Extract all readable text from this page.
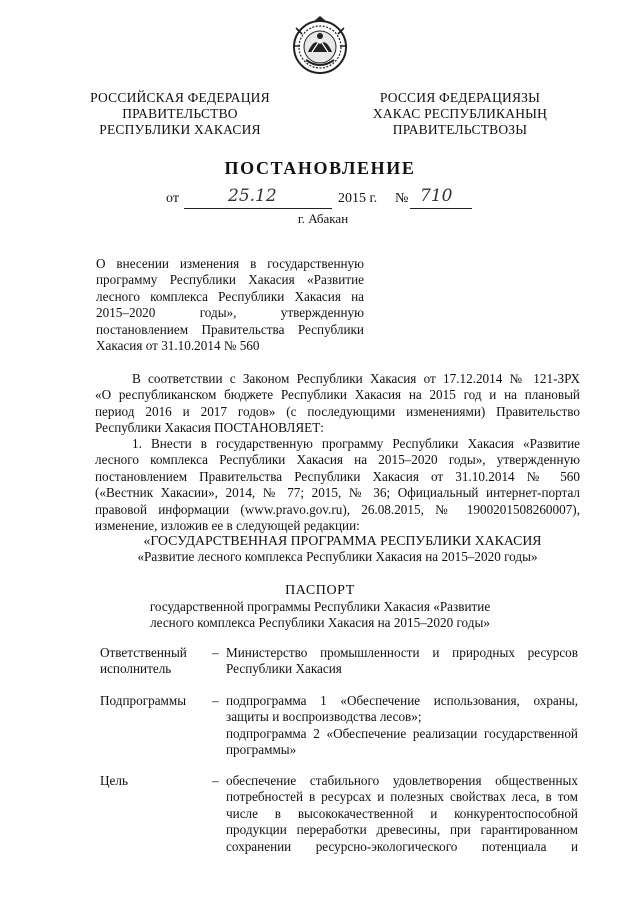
РОССИЙСКАЯ ФЕДЕРАЦИЯ
ПРАВИТЕЛЬСТВО
РЕСПУБЛИКИ ХАКАСИЯ
РОССИЯ ФЕДЕРАЦИЯЗЫ
ХАКАС РЕСПУБЛИКАНЫҢ
ПРАВИТЕЛЬСТВОЗЫ
ПОСТАНОВЛЕНИЕ
от	25.12	2015 г. № 710
г. Абакан
О внесении изменения в государственную
программу Республики Хакасия «Развитие
лесного комплекса Республики Хакасия на
2015–2020 годы», утвержденную
постановлением Правительства Республики
Хакасия от 31.10.2014 № 560
В соответствии с Законом Республики Хакасия от 17.12.2014 № 121-ЗРХ
«О республиканском бюджете Республики Хакасия на 2015 год и на плановый
период 2016 и 2017 годов» (с последующими изменениями) Правительство
Республики Хакасия ПОСТАНОВЛЯЕТ:
1. Внести в государственную программу Республики Хакасия «Развитие
лесного комплекса Республики Хакасия на 2015–2020 годы», утвержденную
постановлением Правительства Республики Хакасия от 31.10.2014 № 560
(«Вестник Хакасии», 2014, № 77; 2015, № 36; Официальный интернет-портал
правовой информации (www.pravo.gov.ru), 26.08.2015, № 1900201508260007),
изменение, изложив ее в следующей редакции:
«ГОСУДАРСТВЕННАЯ ПРОГРАММА РЕСПУБЛИКИ ХАКАСИЯ
«Развитие лесного комплекса Республики Хакасия на 2015–2020 годы»
ПАСПОРТ
государственной программы Республики Хакасия «Развитие
лесного комплекса Республики Хакасия на 2015–2020 годы»
Ответственный
исполнитель
– Министерство промышленности и природных ресурсов
Республики Хакасия
Подпрограммы	– подпрограмма 1 «Обеспечение использования, охраны,
защиты и воспроизводства лесов»;
подпрограмма 2 «Обеспечение реализации государственной
программы»
Цель	– обеспечение стабильного удовлетворения общественных
потребностей в ресурсах и полезных свойствах леса, в том
числе в высококачественной и конкурентоспособной
продукции переработки древесины, при гарантированном
сохранении ресурсно-экологического потенциала и
